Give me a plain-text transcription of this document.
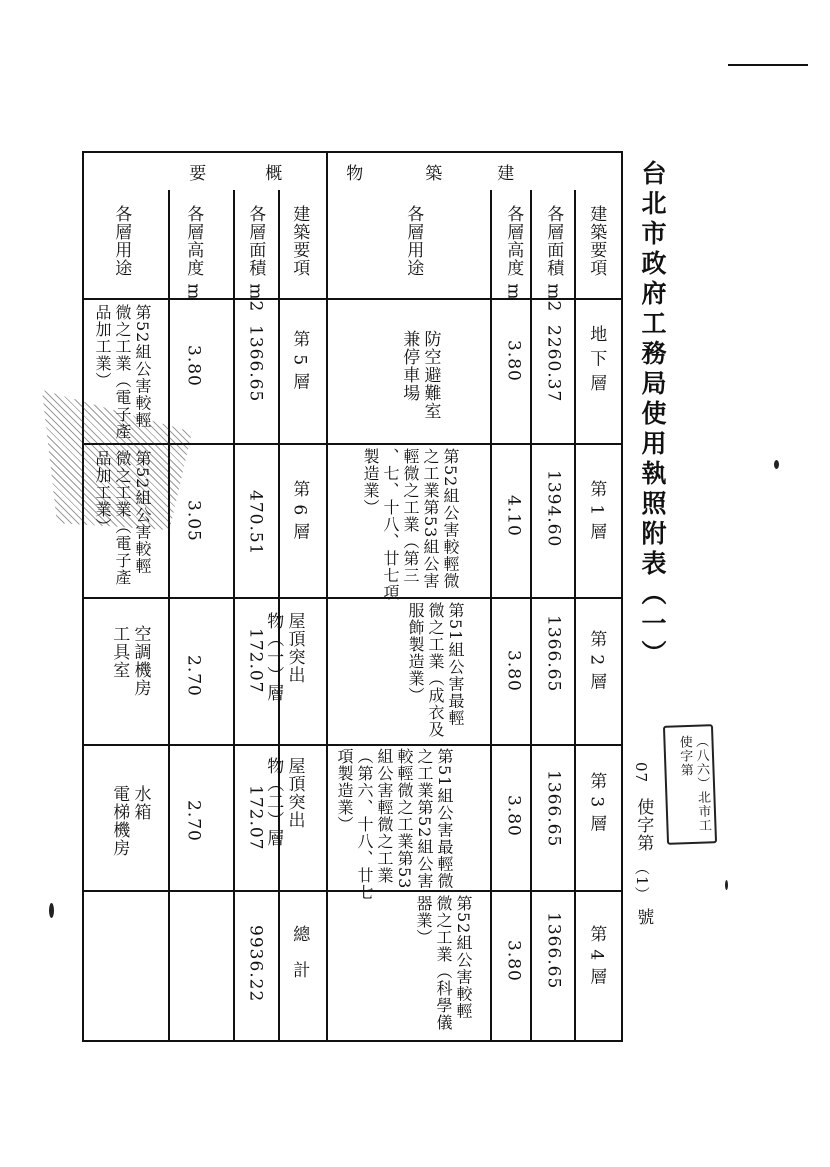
台北市政府工務局使用執照附表（一）
（八六）北市工使字第
07
使字第
（1）
號
建
築
物
概
要
建築要項
各層面積 m2
各層高度 m
各層用途
地 下 層
2260.37
3.80
防空避難室
兼停車場
第 1 層
1394.60
4.10
第52組公害較輕微
之工業第53組公害
輕微之工業（第三
、七、十八、廿七項
製造業）
第 2 層
1366.65
3.80
第51組公害最輕
微之工業（成衣及
服飾製造業）
第 3 層
1366.65
3.80
第51組公害最輕微
之工業第52組公害
較輕微之工業第53
組公害輕微之工業
（第六、十八、廿七
項製造業）
第 4 層
1366.65
3.80
第52組公害較輕
微之工業（科學儀
器業）
建築要項
各層面積 m2
各層高度 m
各層用途
第 5 層
1366.65
3.80
第52組公害較輕
微之工業（電子產
品加工業）
第 6 層
470.51
3.05
第52組公害較輕
微之工業（電子產
品加工業）
屋頂突出
物（一）層
172.07
2.70
空調機房
工具室
屋頂突出
物（二）層
172.07
2.70
水箱
電梯機房
總　計
9936.22
